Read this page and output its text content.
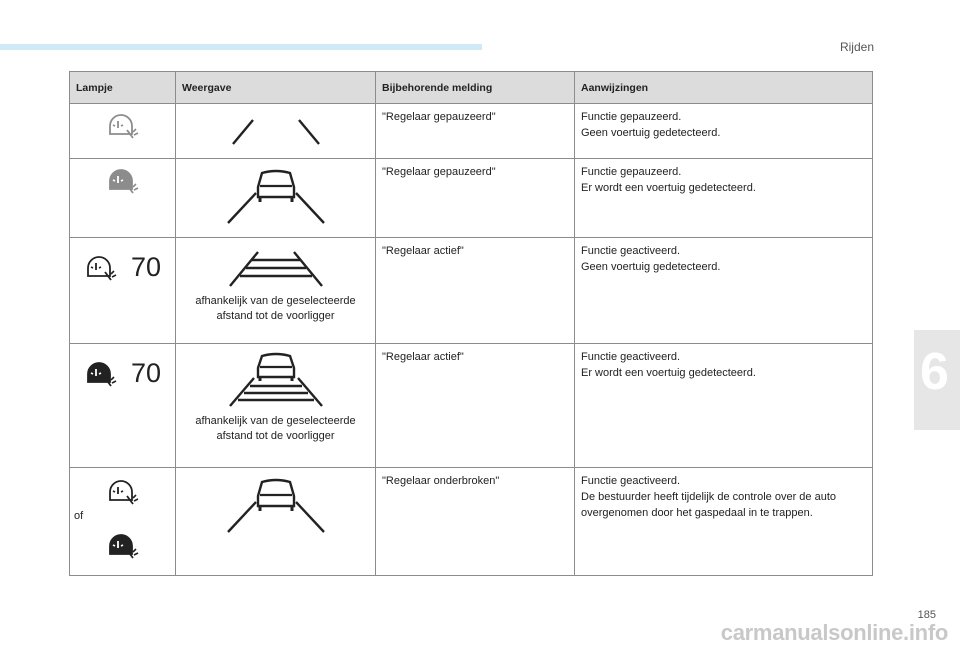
Rijden
6
Lampje	Weergave	Bijbehorende melding	Aanwijzingen

	"Regelaar gepauzeerd"	Functie gepauzeerd.
Geen voertuig gedetecteerd.

	"Regelaar gepauzeerd"	Functie gepauzeerd.
Er wordt een voertuig gedetecteerd.

70	afhankelijk van de geselecteerde afstand tot de voorligger	"Regelaar actief"	Functie geactiveerd.
Geen voertuig gedetecteerd.

70	afhankelijk van de geselecteerde afstand tot de voorligger	"Regelaar actief"	Functie geactiveerd.
Er wordt een voertuig gedetecteerd.

of		"Regelaar onderbroken"	Functie geactiveerd.
De bestuurder heeft tijdelijk de controle over de auto overgenomen door het gaspedaal in te trappen.
185
carmanualsonline.info
